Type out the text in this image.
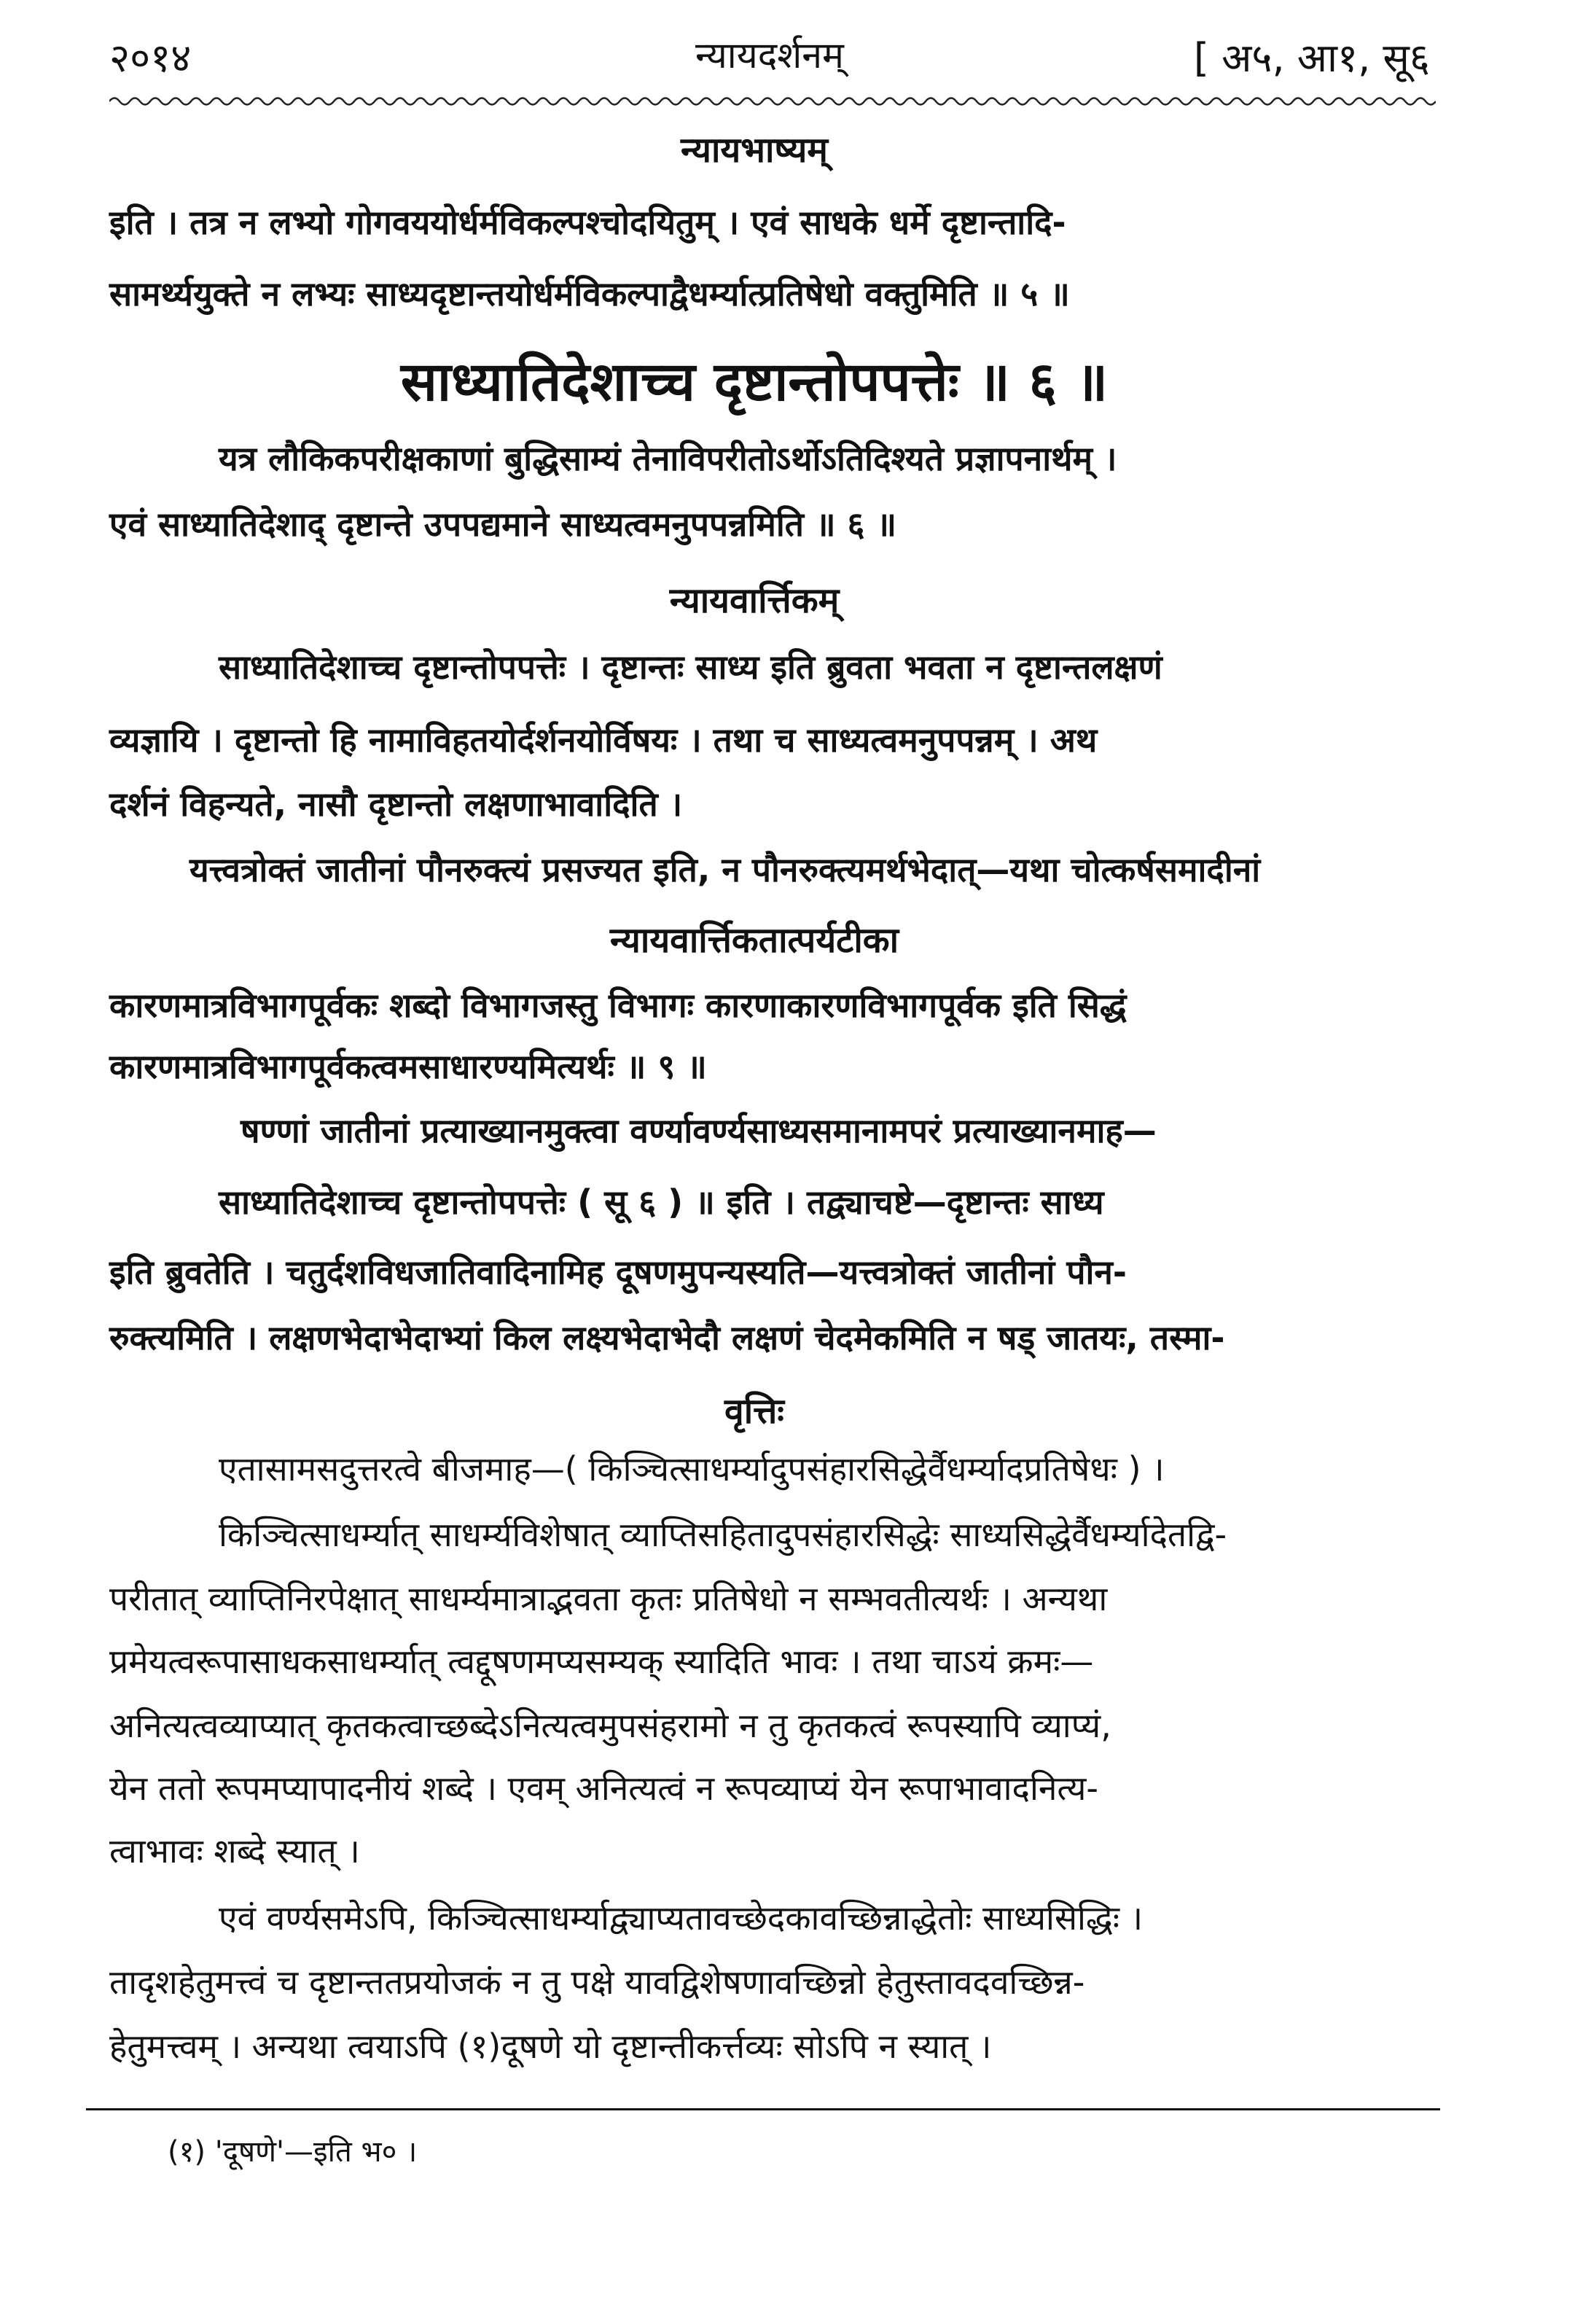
२०१४	न्यायदर्शनम्	[ अ५, आ१, सू६
न्यायभाष्यम्
इति । तत्र न लभ्यो गोगवययोर्धर्मविकल्पश्चोदयितुम् । एवं साधके धर्मे दृष्टान्तादि-
सामर्थ्ययुक्ते न लभ्यः साध्यदृष्टान्तयोर्धर्मविकल्पाद्वैधर्म्यात्प्रतिषेधो वक्तुमिति ॥ ५ ॥
साध्यातिदेशाच्च दृष्टान्तोपपत्तेः ॥ ६ ॥
यत्र लौकिकपरीक्षकाणां बुद्धिसाम्यं तेनाविपरीतोऽर्थोऽतिदिश्यते प्रज्ञापनार्थम् ।
एवं साध्यातिदेशाद् दृष्टान्ते उपपद्यमाने साध्यत्वमनुपपन्नमिति ॥ ६ ॥
न्यायवार्त्तिकम्
साध्यातिदेशाच्च दृष्टान्तोपपत्तेः । दृष्टान्तः साध्य इति ब्रुवता भवता न दृष्टान्तलक्षणं
व्यज्ञायि । दृष्टान्तो हि नामाविहतयोर्दर्शनयोर्विषयः । तथा च साध्यत्वमनुपपन्नम् । अथ
दर्शनं विहन्यते, नासौ दृष्टान्तो लक्षणाभावादिति ।
यत्त्वत्रोक्तं जातीनां पौनरुक्त्यं प्रसज्यत इति, न पौनरुक्त्यमर्थभेदात्—यथा चोत्कर्षसमादीनां
न्यायवार्त्तिकतात्पर्यटीका
कारणमात्रविभागपूर्वकः शब्दो विभागजस्तु विभागः कारणाकारणविभागपूर्वक इति सिद्धं
कारणमात्रविभागपूर्वकत्वमसाधारण्यमित्यर्थः ॥ ९ ॥
षण्णां जातीनां प्रत्याख्यानमुक्त्वा वर्ण्यावर्ण्यसाध्यसमानामपरं प्रत्याख्यानमाह—
साध्यातिदेशाच्च दृष्टान्तोपपत्तेः ( सू ६ ) ॥ इति । तद्व्याचष्टे—दृष्टान्तः साध्य
इति ब्रुवतेति । चतुर्दशविधजातिवादिनामिह दूषणमुपन्यस्यति—यत्त्वत्रोक्तं जातीनां पौन-
रुक्त्यमिति । लक्षणभेदाभेदाभ्यां किल लक्ष्यभेदाभेदौ लक्षणं चेदमेकमिति न षड् जातयः, तस्मा-
वृत्तिः
एतासामसदुत्तरत्वे बीजमाह—( किञ्चित्साधर्म्यादुपसंहारसिद्धेर्वैधर्म्यादप्रतिषेधः ) ।
किञ्चित्साधर्म्यात् साधर्म्यविशेषात् व्याप्तिसहितादुपसंहारसिद्धेः साध्यसिद्धेर्वैधर्म्यादेतद्वि-
परीतात् व्याप्तिनिरपेक्षात् साधर्म्यमात्राद्भवता कृतः प्रतिषेधो न सम्भवतीत्यर्थः । अन्यथा
प्रमेयत्वरूपासाधकसाधर्म्यात् त्वद्दूषणमप्यसम्यक् स्यादिति भावः । तथा चाऽयं क्रमः—
अनित्यत्वव्याप्यात् कृतकत्वाच्छब्देऽनित्यत्वमुपसंहरामो न तु कृतकत्वं रूपस्यापि व्याप्यं,
येन ततो रूपमप्यापादनीयं शब्दे । एवम् अनित्यत्वं न रूपव्याप्यं येन रूपाभावादनित्य-
त्वाभावः शब्दे स्यात् ।
एवं वर्ण्यसमेऽपि, किञ्चित्साधर्म्याद्व्याप्यतावच्छेदकावच्छिन्नाद्धेतोः साध्यसिद्धिः ।
तादृशहेतुमत्त्वं च दृष्टान्ततप्रयोजकं न तु पक्षे यावद्विशेषणावच्छिन्नो हेतुस्तावदवच्छिन्न-
हेतुमत्त्वम् । अन्यथा त्वयाऽपि (१)दूषणे यो दृष्टान्तीकर्त्तव्यः सोऽपि न स्यात् ।
(१) 'दूषणे'—इति भ० ।
